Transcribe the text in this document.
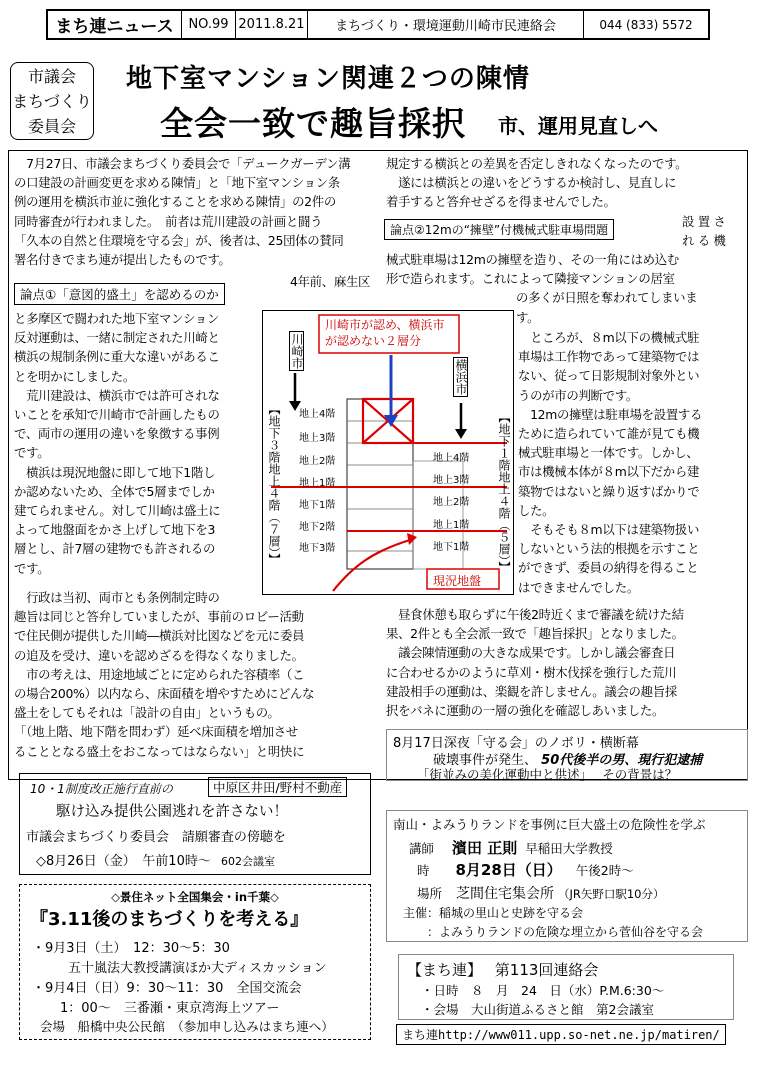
まち連ニュース	NO.99 2011.8.21	まちづくり・環境運動川崎市民連絡会	044 (833) 5572
市議会
まちづくり
委員会
地下室マンション関連２つの陳情
全会一致で趣旨採択	市、運用見直しへ

　7月27日、市議会まちづくり委員会で「デュークガーデン溝

の口建設の計画変更を求める陳情」と「地下室マンション条

例の運用を横浜市並に強化することを求める陳情」の2件の

同時審査が行われました。　前者は荒川建設の計画と闘う

「久本の自然と住環境を守る会」が、後者は、25団体の賛同

署名付きでまち連が提出したものです。

論点①「意図的盛土」を認めるのか
4年前、麻生区

と多摩区で闘われた地下室マンション

反対運動は、一緒に制定された川崎と

横浜の規制条例に重大な違いがあるこ

とを明かにしました。

　荒川建設は、横浜市では許可されな

いことを承知で川崎市で計画したもの

で、両市の運用の違いを象徴する事例

です。

　横浜は現況地盤に即して地下1階し

か認めないため、全体で5層までしか

建てられません。対して川崎は盛土に

よって地盤面をかさ上げして地下を3

層とし、計7層の建物でも許されるの

です。

　行政は当初、両市とも条例制定時の

趣旨は同じと答弁していましたが、事前のロビー活動

で住民側が提供した川崎―横浜対比図などを元に委員

の追及を受け、違いを認めざるを得なくなりました。

　市の考えは、用途地域ごとに定められた容積率（こ

の場合200%）以内なら、床面積を増やすためにどんな

盛土をしてもそれは「設計の自由」というもの。

「（地上階、地下階を問わず）延べ床面積を増加させ

ることとなる盛土をおこなってはならない」と明快に

規定する横浜との差異を否定しきれなくなったのです。

　遂には横浜との違いをどうするか検討し、見直しに

着手すると答弁せざるを得ませんでした。

論点②12mの“擁壁”付機械式駐車場問題

設 置 さ

れ る 機

械式駐車場は12mの擁壁を造り、その一角にはめ込む

形で造られます。これによって隣接マンションの居室

の多くが日照を奪われてしまいま

す。

　ところが、８m以下の機械式駐

車場は工作物であって建築物では

ない、従って日影規制対象外とい

うのが市の判断です。

　12mの擁壁は駐車場を設置する

ために造られていて誰が見ても機

械式駐車場と一体です。しかし、

市は機械本体が８m以下だから建

築物ではないと繰り返すばかりで

した。

　そもそも８m以下は建築物扱い

しないという法的根拠を示すこと

ができず、委員の納得を得ること

はできませんでした。

　昼食休憩も取らずに午後2時近くまで審議を続けた結

果、2件とも全会派一致で「趣旨採択」となりました。

　議会陳情運動の大きな成果です。しかし議会審査日

に合わせるかのように草刈・樹木伐採を強行した荒川

建設相手の運動は、楽観を許しません。議会の趣旨採

択をバネに運動の一層の強化を確認しあいました。

川崎市が認め、横浜市
が認めない２層分
川崎市
横浜市
【地下３階地上４階（７層）】	【地下１階地上４階（５層）】
地上4階
地上3階
地上2階
地上1階
地下1階
地下2階
地下3階
地上4階
地上3階
地上2階
地上1階
地下1階
現況地盤
8月17日深夜「守る会」のノボリ・横断幕
破壊事件が発生、 50代後半の男、現行犯逮捕
「街並みの美化運動中と供述」　 その背景は？
10・1制度改正施行直前の	中原区井田/野村不動産
駆け込み提供公園逃れを許さない！
市議会まちづくり委員会　請願審査の傍聴を
◇8月26日（金）　午前10時〜 602会議室
◇景住ネット全国集会・in千葉◇
『3.11後のまちづくりを考える』
・9月3日（土）　12：30〜5：30
五十嵐法大教授講演ほか大ディスカッション
・9月4日（日）9：30〜11：30　全国交流会
1：00〜　三番瀬・東京湾海上ツアー
会場　船橋中央公民館　（参加申し込みはまち連へ）
南山・よみうりランドを事例に巨大盛土の危険性を学ぶ
講師 濱田 正則 早稲田大学教授
時 8月28日（日） 午後2時〜
場所 芝間住宅集会所 （JR矢野口駅10分）
主催：稲城の里山と史跡を守る会
：よみうりランドの危険な埋立から菅仙谷を守る会
【まち連】 第113回連絡会
・日時　８　月　24　日（水）P.M.6:30〜
・会場　大山街道ふるさと館　第2会議室
まち連http://www011.upp.so-net.ne.jp/matiren/
